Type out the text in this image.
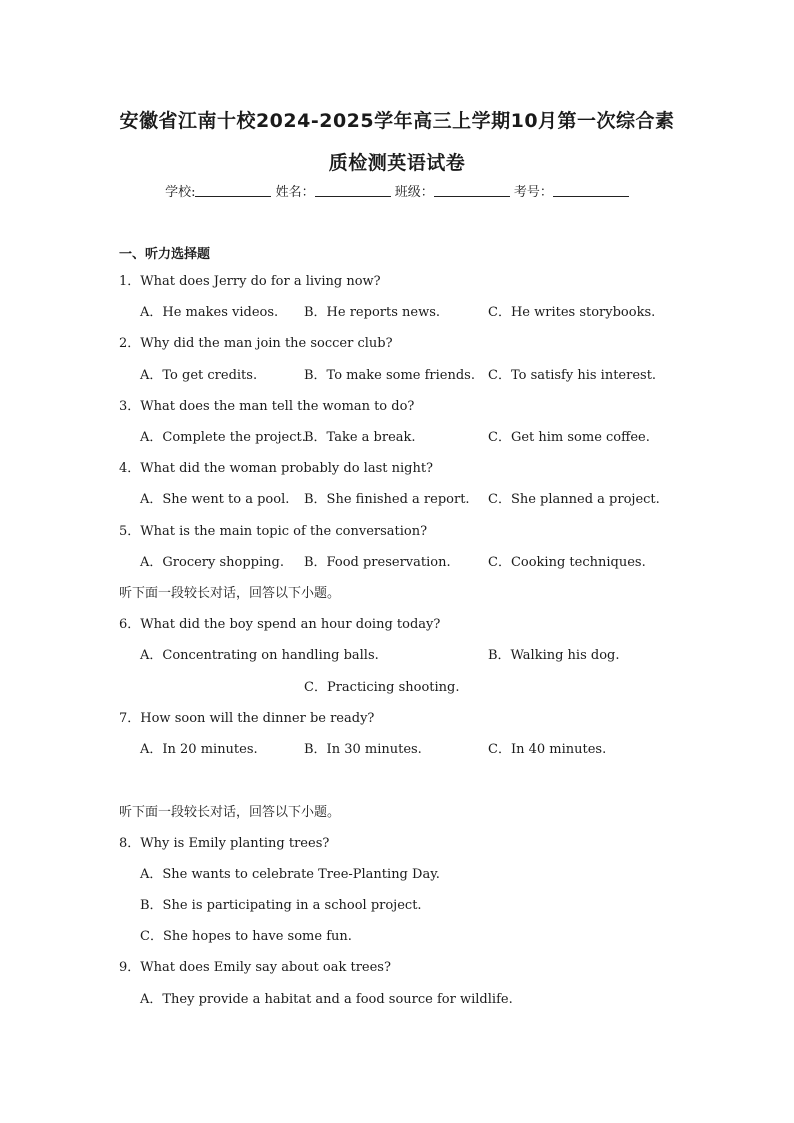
安徽省江南十校2024-2025学年高三上学期10月第一次综合素
质检测英语试卷
学校:	姓名：	班级：	考号：
一、听力选择题
1．What does Jerry do for a living now?
A．He makes videos. B．He reports news.	C．He writes storybooks.
2．Why did the man join the soccer club?
A．To get credits.	B．To make some friends. C．To satisfy his interest.
3．What does the man tell the woman to do?
A．Complete the project.
B．Take a break.	C．Get him some coffee.
4．What did the woman probably do last night?
A．She went to a pool. B．She finished a report. C．She planned a project.
5．What is the main topic of the conversation?
A．Grocery shopping. B．Food preservation.	C．Cooking techniques.
听下面一段较长对话，回答以下小题。
6．What did the boy spend an hour doing today?
A．Concentrating on handling balls.	B．Walking his dog.
C．Practicing shooting.
7．How soon will the dinner be ready?
A．In 20 minutes.	B．In 30 minutes.	C．In 40 minutes.
听下面一段较长对话，回答以下小题。
8．Why is Emily planting trees?
A．She wants to celebrate Tree-Planting Day.
B．She is participating in a school project.
C．She hopes to have some fun.
9．What does Emily say about oak trees?
A．They provide a habitat and a food source for wildlife.
